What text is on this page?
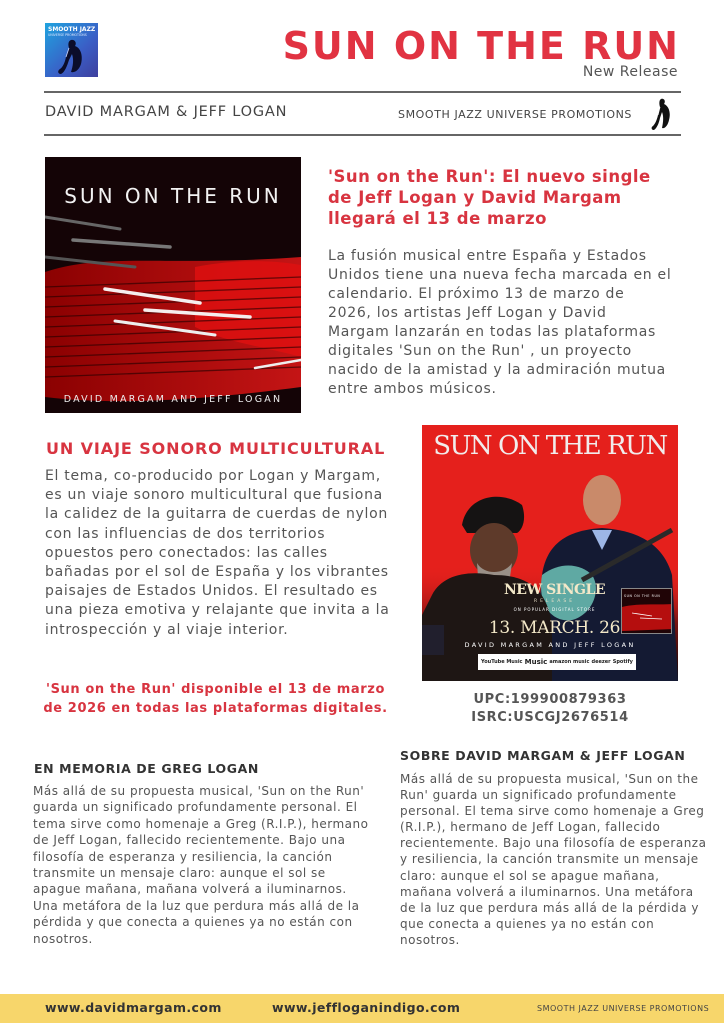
SMOOTH JAZZ
UNIVERSE PROMOTIONS	SUN ON THE RUN
New Release
DAVID MARGAM & JEFF LOGAN	SMOOTH JAZZ UNIVERSE PROMOTIONS
SUN ON THE RUN
DAVID MARGAM AND JEFF LOGAN
'Sun on the Run': El nuevo single de Jeff Logan y David Margam llegará el 13 de marzo
La fusión musical entre España y Estados Unidos tiene una nueva fecha marcada en el calendario. El próximo 13 de marzo de 2026, los artistas Jeff Logan y David Margam lanzarán en todas las plataformas digitales 'Sun on the Run' , un proyecto nacido de la amistad y la admiración mutua entre ambos músicos.
UN VIAJE SONORO MULTICULTURAL
El tema, co-producido por Logan y Margam, es un viaje sonoro multicultural que fusiona la calidez de la guitarra de cuerdas de nylon con las influencias de dos territorios opuestos pero conectados: las calles bañadas por el sol de España y los vibrantes paisajes de Estados Unidos. El resultado es una pieza emotiva y relajante que invita a la introspección y al viaje interior.
'Sun on the Run' disponible el 13 de marzo de 2026 en todas las plataformas digitales.
SUN ON THE RUN
NEW SINGLE
RELEASE
ON POPULAR DIGITAL STORE
13. MARCH. 26
DAVID MARGAM AND JEFF LOGAN
SUN ON THE RUN
YouTube Music Music amazon music deezer Spotify
UPC:199900879363
ISRC:USCGJ2676514
EN MEMORIA DE GREG LOGAN
Más allá de su propuesta musical, 'Sun on the Run' guarda un significado profundamente personal. El tema sirve como homenaje a Greg (R.I.P.), hermano de Jeff Logan, fallecido recientemente. Bajo una filosofía de esperanza y resiliencia, la canción transmite un mensaje claro: aunque el sol se apague mañana, mañana volverá a iluminarnos. Una metáfora de la luz que perdura más allá de la pérdida y que conecta a quienes ya no están con nosotros.
SOBRE DAVID MARGAM & JEFF LOGAN
Más allá de su propuesta musical, 'Sun on the Run' guarda un significado profundamente personal. El tema sirve como homenaje a Greg (R.I.P.), hermano de Jeff Logan, fallecido recientemente. Bajo una filosofía de esperanza y resiliencia, la canción transmite un mensaje claro: aunque el sol se apague mañana, mañana volverá a iluminarnos. Una metáfora de la luz que perdura más allá de la pérdida y que conecta a quienes ya no están con nosotros.
www.davidmargam.com	www.jeffloganindigo.com	SMOOTH JAZZ UNIVERSE PROMOTIONS
